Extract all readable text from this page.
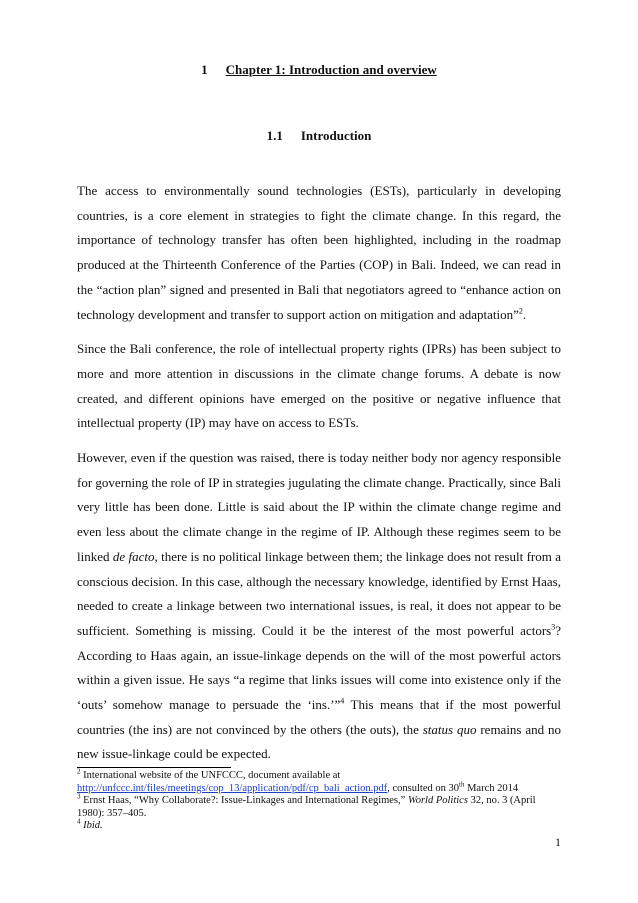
1 Chapter 1: Introduction and overview
1.1 Introduction

The access to environmentally sound technologies (ESTs), particularly in developing countries, is a core element in strategies to fight the climate change. In this regard, the importance of technology transfer has often been highlighted, including in the roadmap produced at the Thirteenth Conference of the Parties (COP) in Bali. Indeed, we can read in the “action plan” signed and presented in Bali that negotiators agreed to “enhance action on technology development and transfer to support action on mitigation and adaptation”$^2$.

Since the Bali conference, the role of intellectual property rights (IPRs) has been subject to more and more attention in discussions in the climate change forums. A debate is now created, and different opinions have emerged on the positive or negative influence that intellectual property (IP) may have on access to ESTs.

However, even if the question was raised, there is today neither body nor agency responsible for governing the role of IP in strategies jugulating the climate change. Practically, since Bali very little has been done. Little is said about the IP within the climate change regime and even less about the climate change in the regime of IP. Although these regimes seem to be linked de facto, there is no political linkage between them; the linkage does not result from a conscious decision. In this case, although the necessary knowledge, identified by Ernst Haas, needed to create a linkage between two international issues, is real, it does not appear to be sufficient. Something is missing. Could it be the interest of the most powerful actors$^3$? According to Haas again, an issue-linkage depends on the will of the most powerful actors within a given issue. He says “a regime that links issues will come into existence only if the ‘outs’ somehow manage to persuade the ‘ins.’”$^4$ This means that if the most powerful countries (the ins) are not convinced by the others (the outs), the status quo remains and no new issue-linkage could be expected.

$^2$ International website of the UNFCCC, document available at
http://unfccc.int/files/meetings/cop_13/application/pdf/cp_bali_action.pdf, consulted on 30th March 2014

$^3$ Ernst Haas, “Why Collaborate?: Issue-Linkages and International Regimes,” World Politics 32, no. 3 (April 1980): 357–405.

$^4$ Ibid.

1
